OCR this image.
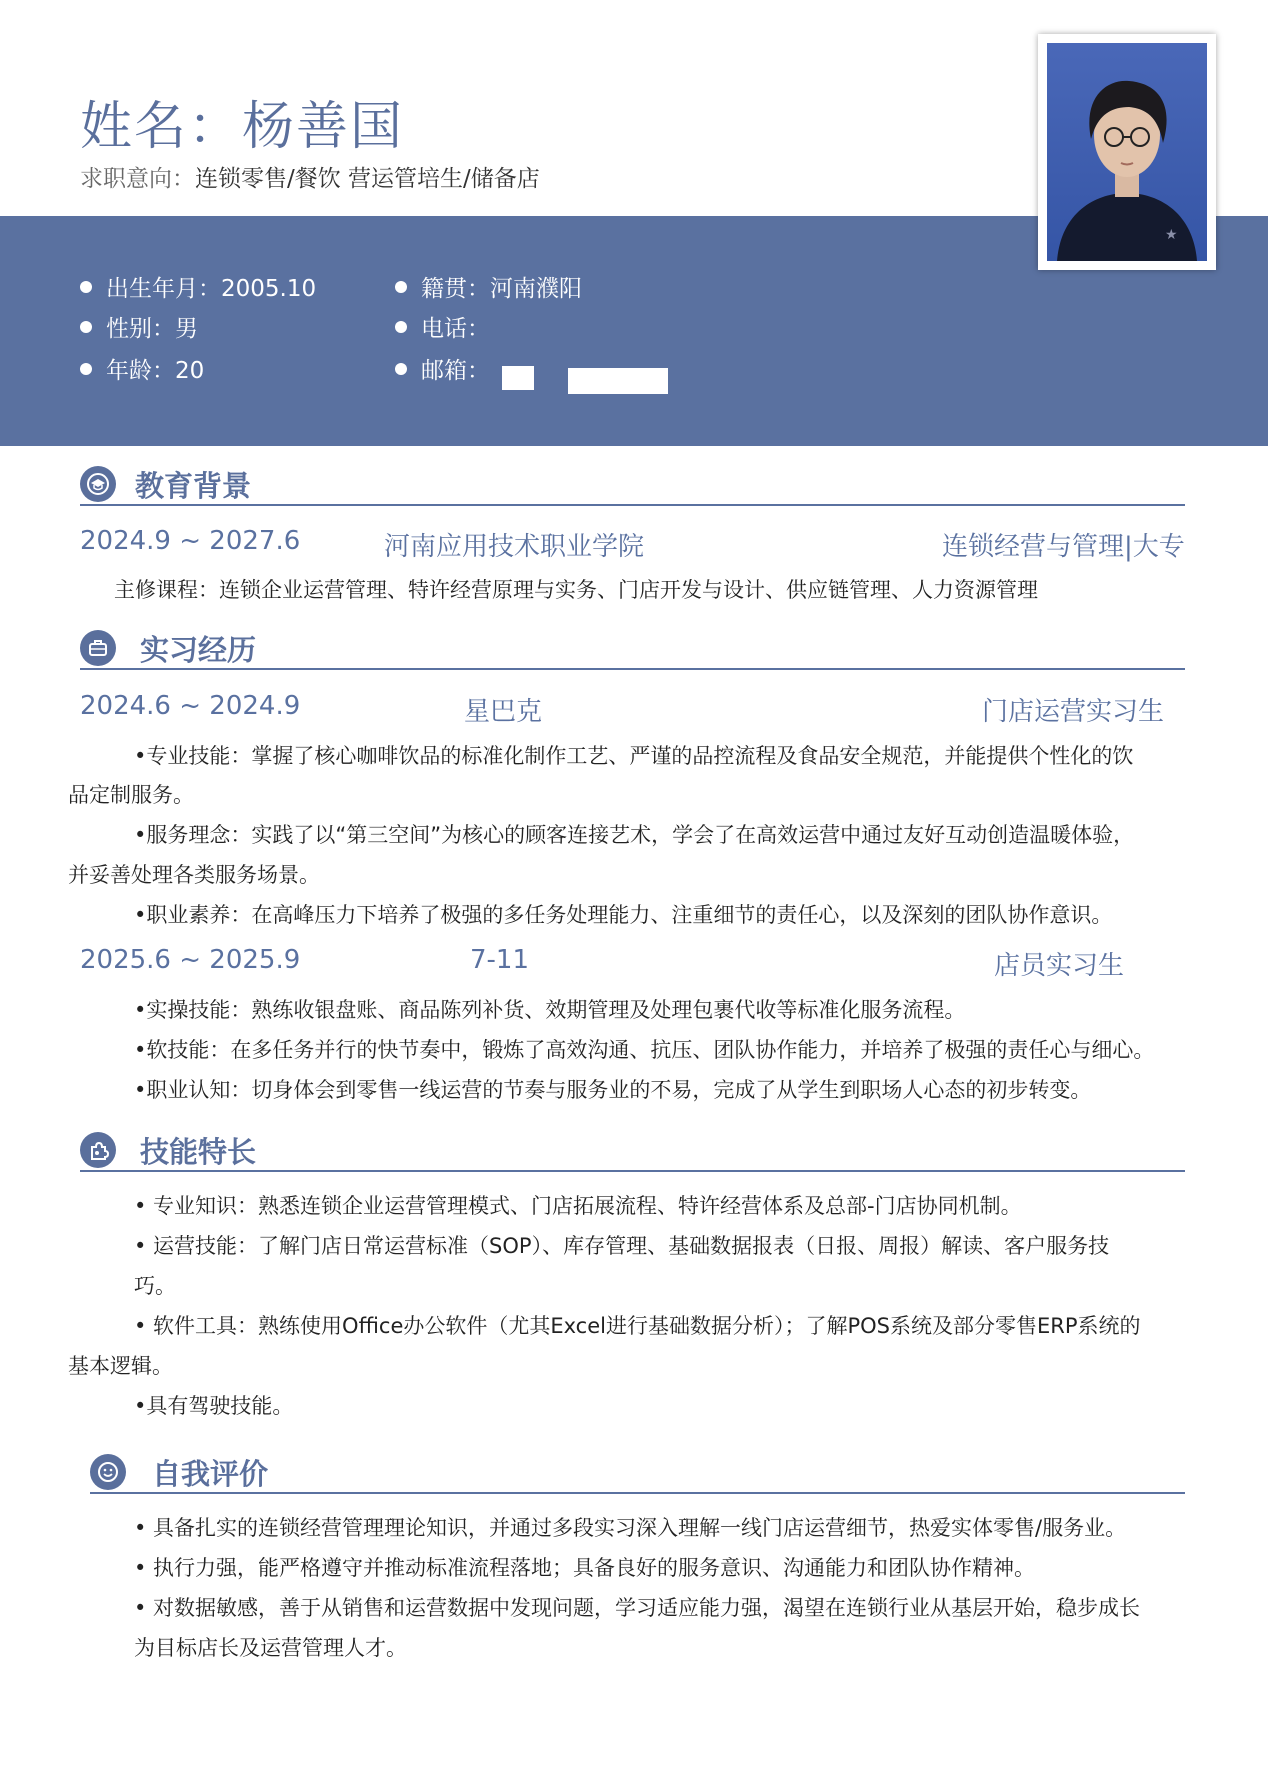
姓名：杨善国
求职意向：连锁零售/餐饮 营运管培生/储备店
出生年月：2005.10
性别：男
年龄：20
籍贯：河南濮阳
电话：
邮箱：
★
教育背景
2024.9 ~ 2027.6	河南应用技术职业学院	连锁经营与管理|大专
主修课程：连锁企业运营管理、特许经营原理与实务、门店开发与设计、供应链管理、人力资源管理
实习经历
2024.6 ~ 2024.9	星巴克	门店运营实习生
•专业技能：掌握了核心咖啡饮品的标准化制作工艺、严谨的品控流程及食品安全规范，并能提供个性化的饮
品定制服务。
•服务理念：实践了以“第三空间”为核心的顾客连接艺术，学会了在高效运营中通过友好互动创造温暖体验，
并妥善处理各类服务场景。
•职业素养：在高峰压力下培养了极强的多任务处理能力、注重细节的责任心，以及深刻的团队协作意识。
2025.6 ~ 2025.9	7-11	店员实习生
•实操技能：熟练收银盘账、商品陈列补货、效期管理及处理包裹代收等标准化服务流程。
•软技能：在多任务并行的快节奏中，锻炼了高效沟通、抗压、团队协作能力，并培养了极强的责任心与细心。
•职业认知：切身体会到零售一线运营的节奏与服务业的不易，完成了从学生到职场人心态的初步转变。
技能特长
• 专业知识：熟悉连锁企业运营管理模式、门店拓展流程、特许经营体系及总部-门店协同机制。
• 运营技能：了解门店日常运营标准（SOP）、库存管理、基础数据报表（日报、周报）解读、客户服务技
巧。
• 软件工具：熟练使用Office办公软件（尤其Excel进行基础数据分析）；了解POS系统及部分零售ERP系统的
基本逻辑。
•具有驾驶技能。
自我评价
• 具备扎实的连锁经营管理理论知识，并通过多段实习深入理解一线门店运营细节，热爱实体零售/服务业。
• 执行力强，能严格遵守并推动标准流程落地；具备良好的服务意识、沟通能力和团队协作精神。
• 对数据敏感，善于从销售和运营数据中发现问题，学习适应能力强，渴望在连锁行业从基层开始，稳步成长
为目标店长及运营管理人才。
